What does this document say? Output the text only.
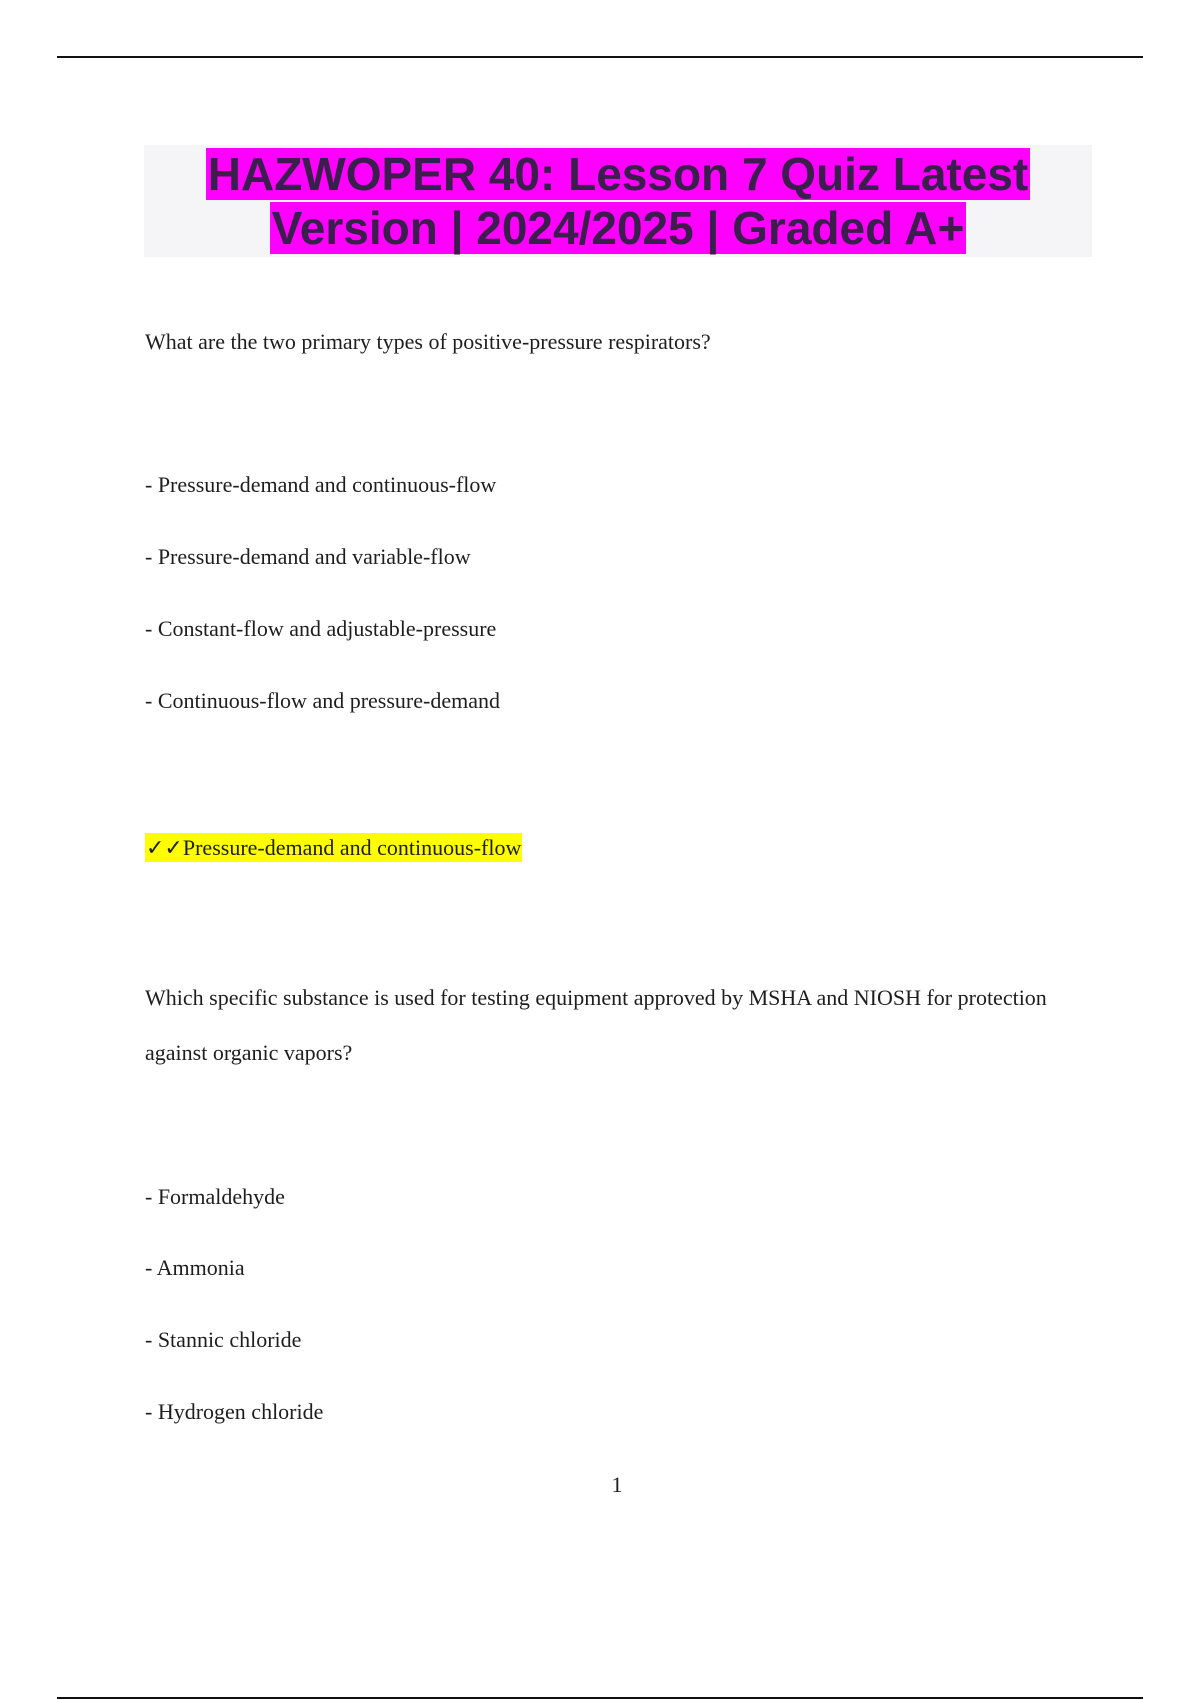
HAZWOPER 40: Lesson 7 Quiz Latest Version | 2024/2025 | Graded A+
What are the two primary types of positive-pressure respirators?
- Pressure-demand and continuous-flow
- Pressure-demand and variable-flow
- Constant-flow and adjustable-pressure
- Continuous-flow and pressure-demand
✓✓Pressure-demand and continuous-flow
Which specific substance is used for testing equipment approved by MSHA and NIOSH for protection against organic vapors?
- Formaldehyde
- Ammonia
- Stannic chloride
- Hydrogen chloride
1
